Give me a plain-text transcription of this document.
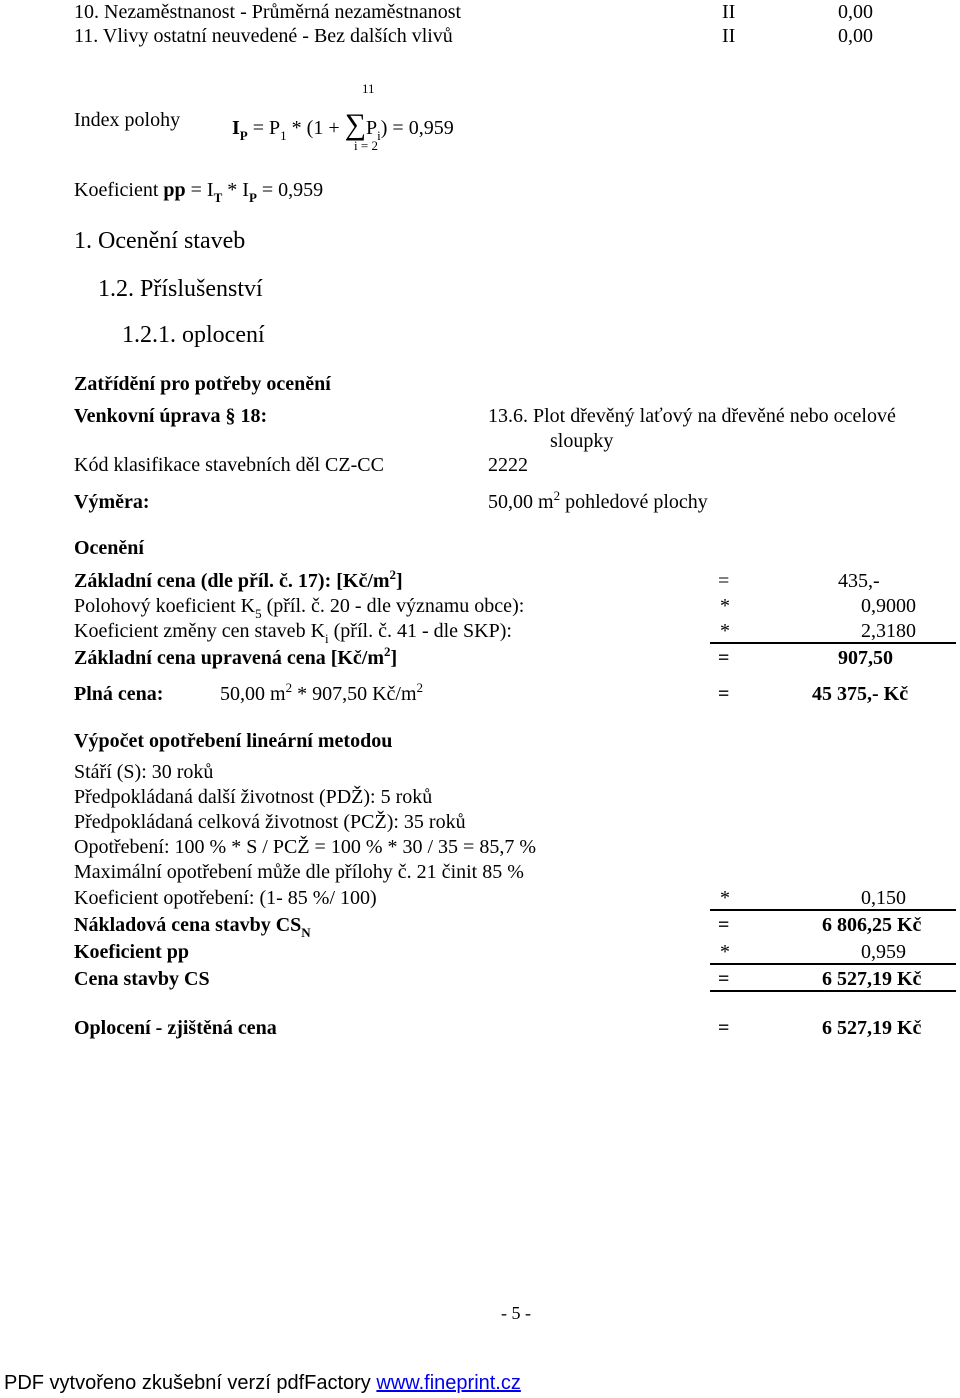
10. Nezaměstnanost - Průměrná nezaměstnanost	II	0,00
11. Vlivy ostatní neuvedené - Bez dalších vlivů	II	0,00
11
Index polohy	$I_P = P_1 * (1 + \sum P_i) = 0,959$
i = 2
Koeficient pp = $I_T * I_P = 0,959$
1. Ocenění staveb
1.2. Příslušenství
1.2.1. oplocení
Zatřídění pro potřeby ocenění
Venkovní úprava § 18:	13.6. Plot dřevěný laťový na dřevěné nebo ocelové
sloupky
Kód klasifikace stavebních děl CZ-CC	2222
Výměra:	50,00 $m^2$ pohledové plochy
Ocenění
Základní cena (dle příl. č. 17): $[Kč/m^2]$	=	435,-
Polohový koeficient $K_5$ (příl. č. 20 - dle významu obce):	*	0,9000
Koeficient změny cen staveb $K_i$ (příl. č. 41 - dle SKP):	*	2,3180
Základní cena upravená cena $[Kč/m^2]$	=	907,50
Plná cena:	50,00 $m^2 * 907,50$ $Kč/m^2$	=	45 375,- Kč
Výpočet opotřebení lineární metodou
Stáří (S): 30 roků
Předpokládaná další životnost (PDŽ): 5 roků
Předpokládaná celková životnost (PCŽ): 35 roků
Opotřebení: 100 % * S / PCŽ = 100 % * 30 / 35 = 85,7 %
Maximální opotřebení může dle přílohy č. 21 činit 85 %
Koeficient opotřebení: (1- 85 %/ 100)	*	0,150
Nákladová cena stavby $CS_N$	=	6 806,25 Kč
Koeficient pp	*	0,959
Cena stavby CS	=	6 527,19 Kč
Oplocení - zjištěná cena	=	6 527,19 Kč
- 5 -
PDF vytvořeno zkušební verzí pdfFactory www.fineprint.cz
